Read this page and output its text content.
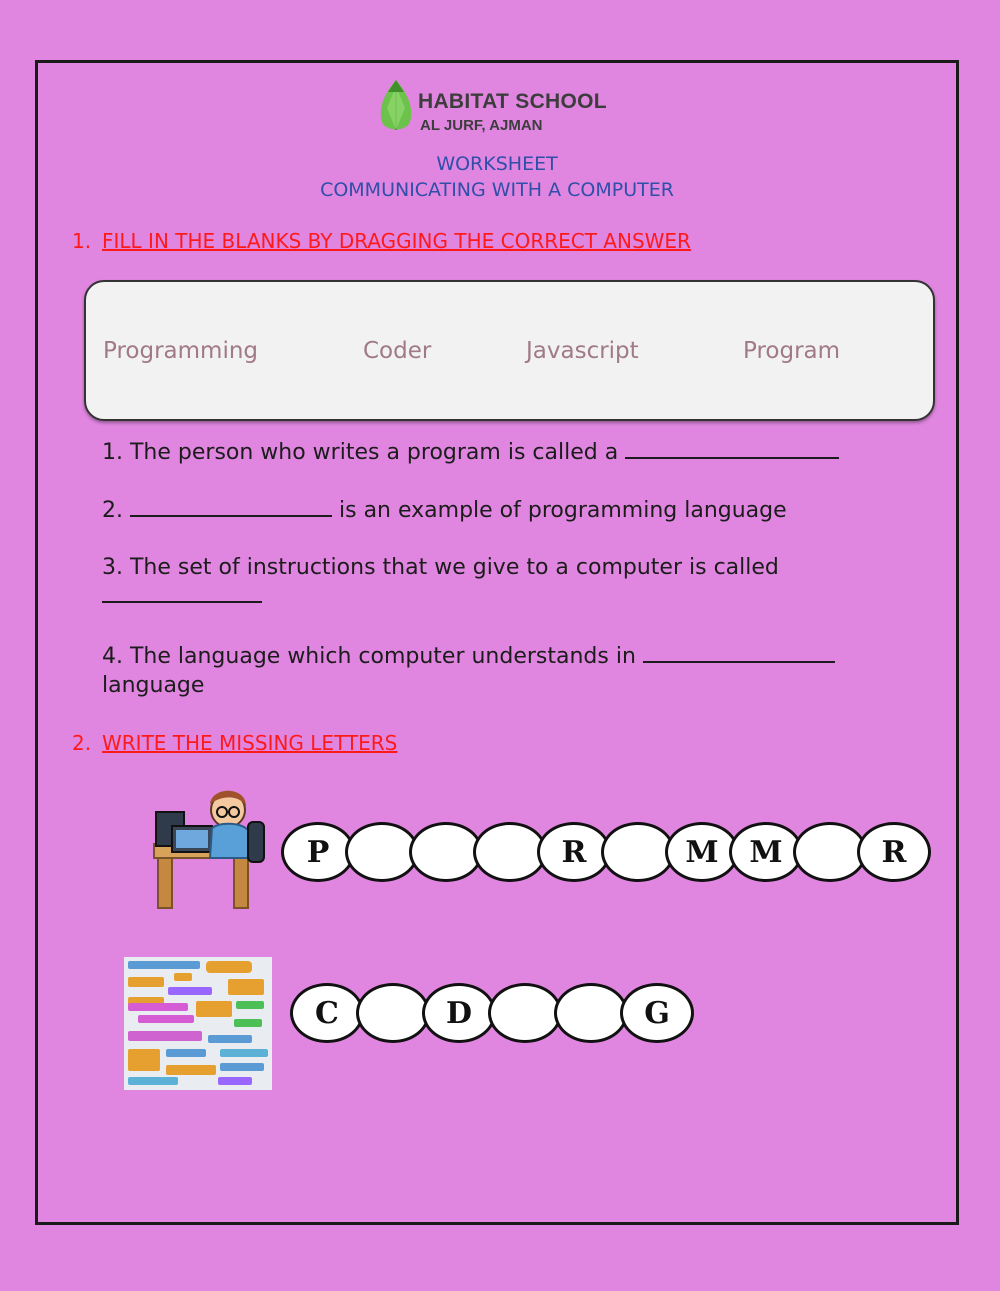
HABITAT SCHOOL
AL JURF, AJMAN
WORKSHEET
COMMUNICATING WITH A COMPUTER
1. FILL IN THE BLANKS BY DRAGGING THE CORRECT ANSWER
Programming	Coder	Javascript	Program
1. The person who writes a program is called a
2.	is an example of programming language
3. The set of instructions that we give to a computer is called

4. The language which computer understands in
language
2. WRITE THE MISSING LETTERS
P	R	M	M	R
C	D	G
